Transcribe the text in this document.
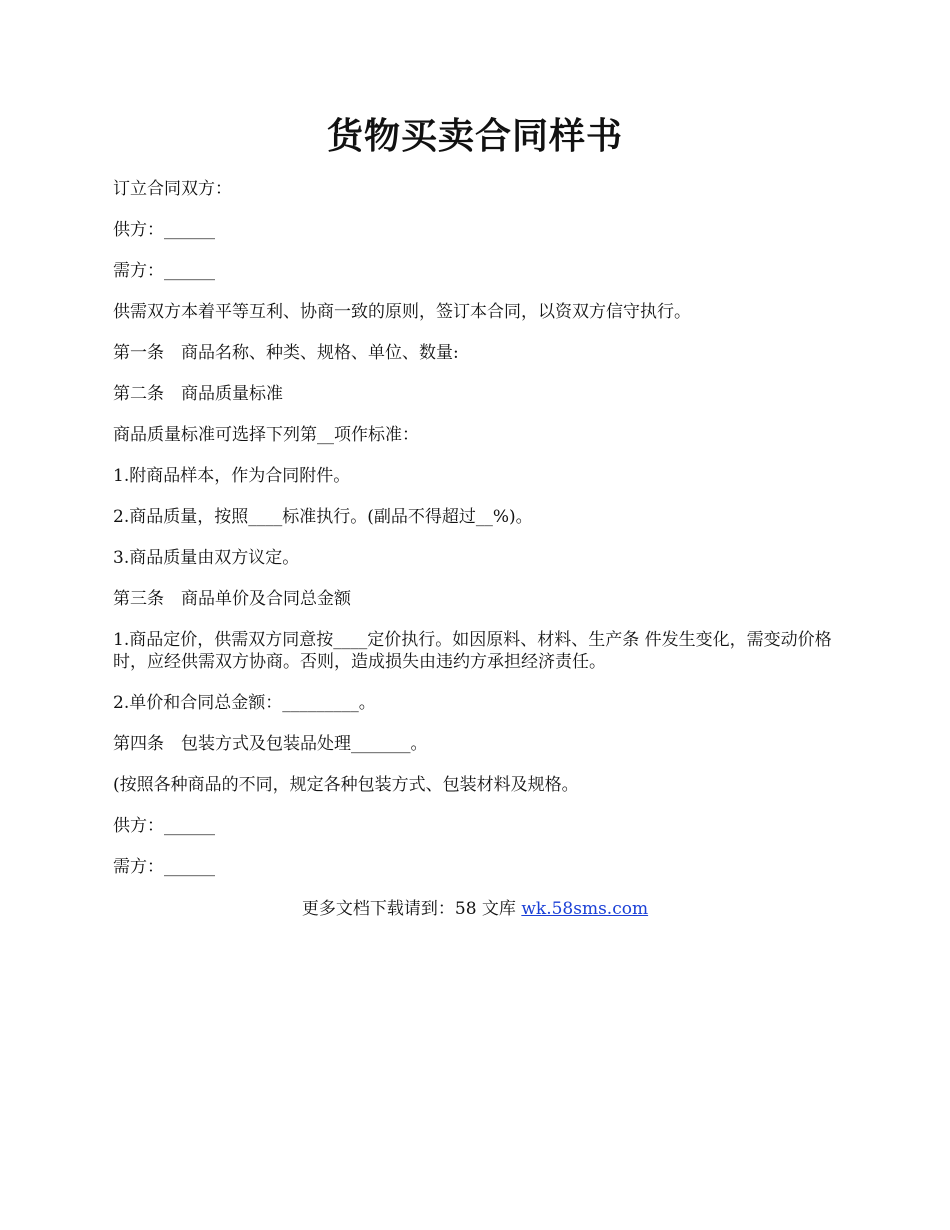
货物买卖合同样书

订立合同双方：

供方：______

需方：______

供需双方本着平等互利、协商一致的原则，签订本合同，以资双方信守执行。

第一条　商品名称、种类、规格、单位、数量:

第二条　商品质量标准

商品质量标准可选择下列第__项作标准：

1.附商品样本，作为合同附件。

2.商品质量，按照____标准执行。(副品不得超过__%)。

3.商品质量由双方议定。

第三条　商品单价及合同总金额

1.商品定价，供需双方同意按____定价执行。如因原料、材料、生产条 件发生变化，需变动价格时，应经供需双方协商。否则，造成损失由违约方承担经济责任。

2.单价和合同总金额：_________。

第四条　包装方式及包装品处理_______。

(按照各种商品的不同，规定各种包装方式、包装材料及规格。

供方：______

需方：______

更多文档下载请到：58 文库 wk.58sms.com
